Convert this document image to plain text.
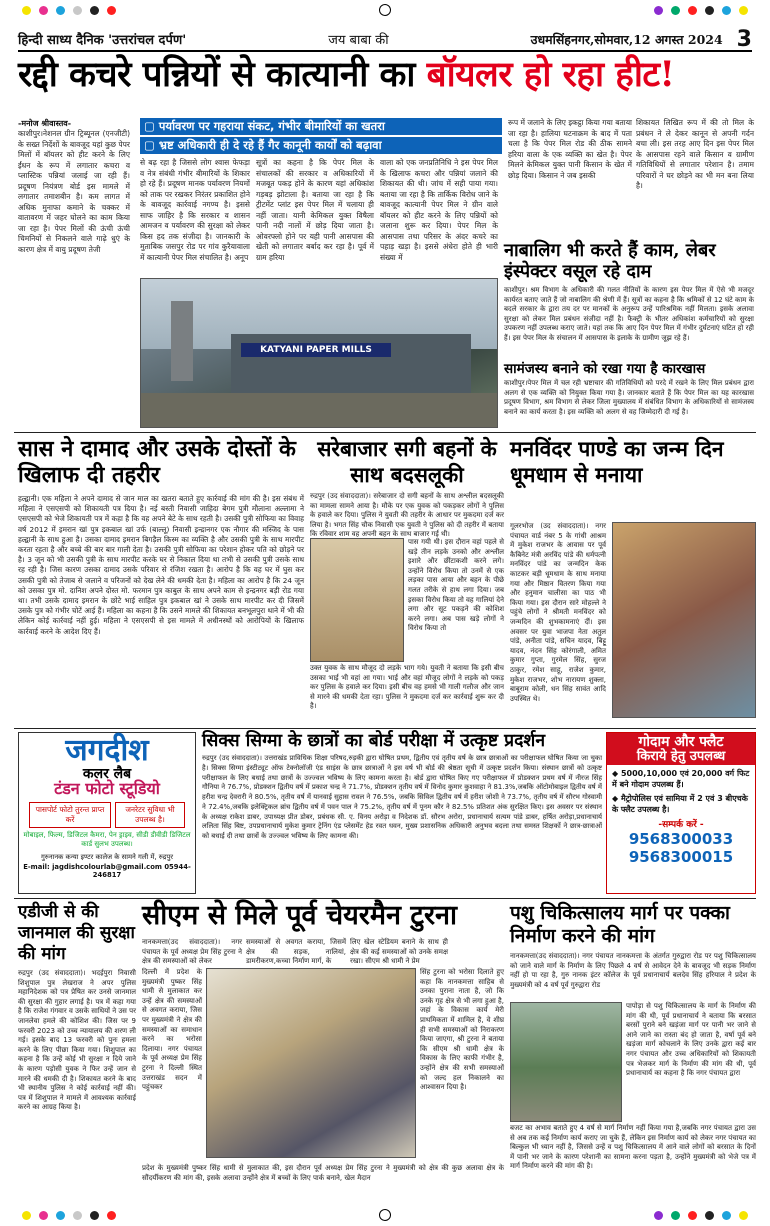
हिन्दी साध्य दैनिक 'उत्तरांचल दर्पण'	जय बाबा की	उधमसिंहनगर,सोमवार,12 अगस्त 2024 3
रद्दी कचरे पन्नियों से कात्यानी का बॉयलर हो रहा हीट!
-मनोज श्रीवास्तव-
काशीपुर।नेशनल ग्रीन ट्रिब्यूनल (एनजीटी) के सख्त निर्देशों के बावजूद यहां कुछ पेपर मिलों में बॉयलर को हीट करने के लिए ईंधन के रूप में लगातार कचरा व प्लास्टिक पन्नियां जलाई जा रही हैं। प्रदूषण नियंत्रण बोर्ड इस मामले में लगातार तमाशबीन है। कम लागत में अधिक मुनाफा कमाने के चक्कर में वातावरण में जहर घोलने का काम किया जा रहा है। पेपर मिलों की ऊंची ऊंची चिमनियों से निकलने वाले गाढ़े धुएं के कारण क्षेत्र में वायु प्रदूषण तेजी
▢ पर्यावरण पर गहराया संकट, गंभीर बीमारियों का खतरा
▢ भ्रष्ट अधिकारी ही दे रहे हैं गैर कानूनी कार्यों को बढ़ावा
से बढ़ रहा है जिससे लोग श्वास फेफड़ा व नेत्र संबंधी गंभीर बीमारियों के शिकार हो रहे हैं। प्रदूषण मानक पर्यावरण नियमों को ताक पर रखकर निरंतर प्रकाशित होने के बावजूद कार्रवाई नगण्य है। इससे साफ जाहिर है कि सरकार व शासन आमजन व पर्यावरण की सुरक्षा को लेकर किस हद तक संजीदा है। जानकारी के मुताबिक जसपुर रोड पर गांव कुरैयावाला में कात्यानी पेपर मिल संचालित है। अनूप
सूत्रों का कहना है कि पेपर मिल के संचालकों की सरकार व अधिकारियों में मजबूत पकड़ होने के कारण यहां अधिकांश गड़बड़ झोटाला है। बताया जा रहा है कि ट्रीटमेंट प्लांट इस पेपर मिल में चलाया ही नहीं जाता। यानी केमिकल युक्त विषैला पानी नदी नालों में छोड़ दिया जाता है। ओवरफ्लो होने पर यही पानी आसपास की खेती को लगातार बर्बाद कर रहा है। पूर्व में ग्राम हरिया
वाला को एक जनप्रतिनिधि ने इस पेपर मिल के खिलाफ कचरा और पन्नियां जलाने की शिकायत की थी। जांच में सही पाया गया। बताया जा रहा है कि तार्किक विरोध जाने के बावजूद कात्यानी पेपर मिल ने ग्रीन वाले बॉयलर को हीट करने के लिए पन्नियों को जलाना शुरू कर दिया। पेपर मिल के आसपास तथा परिसर के अंदर कचरे का पहाड़ खड़ा है। इससे अंधेरा होते ही भारी संख्या में
रूप में जलाने के लिए इकट्ठा किया गया बताया जा रहा है। हालिया घटनाक्रम के बाद में पता चला है कि पेपर मिल रोड की ठीक सामने हरिया वाला के एक व्यक्ति का खेत है। पेपर मिलने केमिकल युक्त पानी किसान के खेत में छोड़ दिया। किसान ने जब इसकी
शिकायत लिखित रूप में की तो मिल के प्रबंधन ने ले देकर कानून से अपनी गर्दन बचा ली। इस तरह आए दिन इस पेपर मिल के आसपास रहने वाले किसान व ग्रामीण गतिविधियों से लगातार परेशान है। तमाम परिवारों ने घर छोड़ने का भी मन बना लिया है।
KATYANI PAPER MILLS
नाबालिग भी करते हैं काम, लेबर इंस्पेक्टर वसूल रहे दाम
काशीपुर। श्रम विभाग के अधिकारी की गलत नीतियों के कारण इस पेपर मिल में ऐसे भी मजदूर कार्यरत बताए जाते हैं जो नाबालिग की श्रेणी में हैं। सूत्रों का कहना है कि श्रमिकों से 12 घंटे काम के बदले सरकार के द्वारा तय दर पर मानकों के अनुरूप उन्हें पारिश्रमिक नहीं मिलता। इसके अलावा सुरक्षा को लेकर मिल प्रबंधन संजीदा नहीं है। फैक्ट्री के भीतर अधिकांश कर्मचारियों को सुरक्षा उपकरण नहीं उपलब्ध कराए जाते। यहां तक कि आए दिन पेपर मिल में गंभीर दुर्घटनाएं घटित हो रही हैं। इस पेपर मिल के संचालन में आसपास के इलाके के ग्रामीण जूझ रहे हैं।
सामंजस्य बनाने को रखा गया है कारखास
काशीपुर।पेपर मिल में चल रही भ्रष्टाचार की गतिविधियों को परदे में रखने के लिए मिल प्रबंधन द्वारा अलग से एक व्यक्ति को नियुक्त किया गया है। जानकार बताते हैं कि पेपर मिल का यह कारखास प्रदूषण विभाग, श्रम विभाग से लेकर जिला मुख्यालय में संबंधित विभाग के अधिकारियों से सामंजस्य बनाने का कार्य करता है। इस व्यक्ति को अलग से वह जिम्मेदारी दी गई है।
सास ने दामाद और उसके दोस्तों के खिलाफ दी तहरीर
हल्द्वानी। एक महिला ने अपने दामाद से जान माल का खतरा बताते हुए कार्रवाई की मांग की है। इस संबंध में महिला ने एसएसपी को शिकायती पत्र दिया है। नई बस्ती निवासी जाहिदा बेगम पुत्री मौलाना अल्लामा ने एसएसपी को भेजे शिकायती पत्र में कहा है कि वह अपने बेटे के साथ रहती है। उसकी पुत्री सोफिया का विवाह वर्ष 2012 में इमरान खां पुत्र इकबाल खां उर्फ (बाल्लू) निवासी इन्द्रानगर एक नौगार की मस्जिद के पास हल्द्वानी के साथ हुआ है। उसका दामाद इमरान बिगड़ैल किस्म का व्यक्ति है और उसकी पुत्री के साथ मारपीट करता रहता है और बच्चे की बार बार गाली देता है। उसकी पुत्री सोफिया का परेशान होकर पति को छोड़ने पर है। 3 जून को भी उसकी पुत्री के साथ मारपीट करके घर से निकाल दिया था तभी से उसकी पुत्री उसके साथ रह रही है। जिस कारण उसका दामाद उसके परिवार से रंजिश रखता है। आरोप है कि वह घर में घुस कर उसकी पुत्री को तेजाब से जलाने व परिजनों को देख लेने की धमकी देता है। महिला का आरोप है कि 24 जून को उसका पुत्र मो. दानिश अपने दोस्त मो. फरमान पुत्र काबुल के साथ अपने काम से इन्द्रनगर बड़ी रोड गया था। तभी उसके दामाद इमरान के छोटे भाई साहिल पुत्र इकबाल खां ने उसके साथ मारपीट कर दी जिसमें उसके पुत्र को गंभीर चोटें आई हैं। महिला का कहना है कि उसने मामले की शिकायत बनभूलपुरा थाने में भी की लेकिन कोई कार्रवाई नहीं हुई। महिला ने एसएसपी से इस मामले में अधीनस्थों को आरोपियों के खिलाफ कार्रवाई करने के आदेश दिए हैं।
सरेबाजार सगी बहनों के साथ बदसलूकी
रुद्रपुर (उद संवाददाता)। सरेबाजार दो सगी बहनों के साथ अश्लील बदसलूकी का मामला सामने आया है। मौके पर एक युवक को पकड़कर लोगों ने पुलिस के हवाले कर दिया। पुलिस ने युवती की तहरीर के आधार पर मुकदमा दर्ज कर लिया है। भगत सिंह चौक निवासी एक युवती ने पुलिस को दी तहरीर में बताया कि रविवार शाम वह अपनी बहन के साथ बाजार गई थी।
पास गयी थी। इस दौरान वहां पहले से खड़े तीन लड़के उनको और अश्लील इशारे और छींटाकशी करने लगे। उन्होंने विरोध किया तो उनमें से एक लड़का पास आया और बहन के पीछे गलत तरीके से हाथ लगा दिया। जब इसका विरोध किया तो वह गालियां देने लगा और सूट पकड़ने की कोशिश करने लगा। अब पास खड़े लोगों ने विरोध किया तो
उक्त युवक के साथ मौजूद दो लड़के भाग गये। युवती ने बताया कि इसी बीच उसका भाई भी वहां आ गया। भाई और वहां मौजूद लोगों ने लड़के को पकड़ कर पुलिस के हवाले कर दिया। इसी बीच वह हमसे भी गाली गलौज और जान से मारने की धमकी देता रहा। पुलिस ने मुकदमा दर्ज कर कार्रवाई शुरू कर दी है।
मनविंदर पाण्डे का जन्म दिन धूमधाम से मनाया
गूलरभोज (उद संवाददाता)। नगर पंचायत वार्ड नंबर 5 के गांधी आश्रम में मुकेश राजभर के आवास पर पूर्व कैबिनेट मंत्री अरविंद पांडे की धर्मपत्नी मनविंदर पांडे का जन्मदिन केक काटकर बड़ी धूमधाम के साथ मनाया गया और मिष्ठान वितरण किया गया और हनुमान चालीसा का पाठ भी किया गया। इस दौरान सारे मोहल्ले ने पहुंचे लोगों ने श्रीमती मनविंदर को जन्मदिन की शुभकामनाएं दीं। इस अवसर पर युवा भाजपा नेता अतुल पांडे, अनीता पांडे, सचिन यादव, बिट्टू यादव, नंदन सिंह कोरंगाली, अमित कुमार गुप्ता, गुरमेल सिंह, सुरज ठाकुर, रमेश साहू, राजेश कुमार, मुकेश राजभर, शोभ नारायण शुक्ला, बाबूराम कोली, धन सिंह सावंत आदि उपस्थित थे।
जगदीश
कलर लैब
टंडन फोटो स्टूडियो
पासपोर्ट फोटो तुरन्त प्राप्त करें
जनरेटर सुविधा भी उपलब्ध है।
मोबाइल, फिल्म, डिजिटल कैमरा, पेन ड्राइव, सीडी डीवीडी डिजिटल कार्ड सुलभ उपलब्ध।
गुरुनानक कन्या इण्टर कालेज के सामने गली में, रुद्रपुर
E-mail: jagdishcolourlab@gmail.com 05944-246817
सिक्स सिग्मा के छात्रों का बोर्ड परीक्षा में उत्कृष्ट प्रदर्शन
रुद्रपुर (उद संवाददाता)। उत्तराखंड प्राविधिक शिक्षा परिषद,रुड़की द्वारा घोषित प्रथम, द्वितीय एवं तृतीय वर्ष के छात्र छात्राओं का परीक्षाफल घोषित किया जा चुका है। सिक्स सिग्मा इंस्टीट्यूट ऑफ टेक्नोलॉजी एंड साइंस के छात्र छात्राओं ने इस वर्ष भी बोर्ड की श्रेष्ठता सूची में उत्कृष्ट प्रदर्शन किया। संस्थान छात्रों को उत्कृष्ट परीक्षाफल के लिए बधाई तथा छात्रों के उज्ज्वल भविष्य के लिए कामना करता है। बोर्ड द्वारा घोषित किए गए परीक्षाफल में प्रोडक्शन प्रथम वर्ष में नीरज सिंह गौनिया ने 76.7%, प्रोडक्शन द्वितीय वर्ष में प्रकाश चन्द्र ने 71.7%, प्रोडक्शन तृतीय वर्ष में विनोद कुमार कुशवाहा ने 81.3%,जबकि ऑटोमोबाइल द्वितीय वर्ष में हरीश चन्द्र देवरारी ने 80.5%, तृतीय वर्ष में यानवाई सुहास रावल ने 76.5%, जबकि सिविल द्वितीय वर्ष में हरीश जोशी ने 73.7%, तृतीय वर्ष में सौरभ गोस्वामी ने 72.4%,जबकि इलेक्ट्रिकल ब्रांच द्वितीय वर्ष में पवन पाल ने 75.2%, तृतीय वर्ष में पूनम कौर ने 82.5% प्रतिशत अंक सुरक्षित किए। इस अवसर पर संस्थान के अध्यक्ष राकेश डाबर, उपाध्यक्ष प्रीत डोबर, प्रबंधक सी. ए. विनय अरोड़ा व निदेशक डॉ. सौरभ अरोरा, प्रधानाचार्य सत्यम पांडे डाबर, हर्षित अरोड़ा,प्रधानाचार्य ललिता सिंह बिष्ट, उपप्रधानाचार्य मुकेश कुमार ट्रेनिंग एंड प्लेसमेंट हेड रवत धवन, मुख्य प्रशासनिक अधिकारी अनुभव बदला तथा समस्त शिक्षकों ने छात्र-छात्राओं को बधाई दी तथा छात्रों के उज्ज्वल भविष्य के लिए कामना की।
गोदाम और फ्लैट
किराये हेतु उपलब्ध
◆ 5000,10,000 एवं 20,000 वर्ग फिट में बने गोदाम उपलब्ध हैं।
◆ मैट्रोपोलिस एवं सामिया में 2 एवं 3 बीएचके के फ्लैट उपलब्ध है।
-सम्पर्क करें -
9568300033
9568300015
एडीजी से की जानमाल की सुरक्षा की मांग
रुद्रपुर (उद संवाददाता)। भदईपुरा निवासी शिशुपाल पुत्र लेखराज ने अपर पुलिस महानिदेशक को पत्र प्रेषित कर उनसे जानमाल की सुरक्षा की गुहार लगाई है। पत्र में कहा गया है कि राजेश गंगवार व उसके साथियों ने उस पर जानलेवा हमले की कोशिश की। जिस पर 9 फरवरी 2023 को उच्च न्यायालय की शरण ली गई। इसके बाद 13 फरवरी को पुनः हमला करने के लिए पीछा किया गया। शिशुपाल का कहना है कि उन्हें कोई भी सुरक्षा न दिये जाने के कारण पड़ोसी युवक ने फिर उन्हें जान से मारने की धमकी दी है। शिकायत करने के बाद भी स्थानीय पुलिस ने कोई कार्रवाई नहीं की। पत्र में शिशुपाल ने मामले में आवश्यक कार्रवाई करने का आग्रह किया है।
सीएम से मिले पूर्व चेयरमैन टुरना
नानकमत्ता(उद संवाददाता)। नगर पंचायत के पूर्व अध्यक्ष प्रेम सिंह टुरना ने क्षेत्र की समस्याओं को लेकर
समस्याओं से अवगत कराया, जिसमें क्षेत्र की सड़क, नालियां, डामरीकरण,कच्चा निर्माण मार्ग, के
लिए खेल स्टेडियम बनाने के साथ ही क्षेत्र की कई समस्याओं को उनके समक्ष रखा। सीएम श्री धामी ने प्रेम
दिल्ली में प्रदेश के मुख्यमंत्री पुष्कर सिंह धामी से मुलाकात कर उन्हें क्षेत्र की समस्याओं से अवगत कराया, जिस पर मुख्यमंत्री ने क्षेत्र की समस्याओं का समाधान करने का भरोसा दिलाया। नगर पंचायत के पूर्व अध्यक्ष प्रेम सिंह टुरना ने दिल्ली स्थित उत्तराखंड सदन में पहुंचकर
सिंह टुरना को भरोसा दिलाते हुए कहा कि नानकमत्ता साहिब से उनका पुराना नाता है, जो कि उनके गृह क्षेत्र से भी लगा हुआ है, जहां के विकास कार्य मेरी प्राथमिकता में शामिल है, वे शीघ्र ही सभी समस्याओं को निराकरण किया जाएगा, श्री टुरना ने बताया कि सीएम श्री धामी क्षेत्र के विकास के लिए काफी गंभीर है, उन्होंने क्षेत्र की सभी समस्याओं को जल्द हल निकालने का आश्वासन दिया है।
प्रदेश के मुख्यमंत्री पुष्कर सिंह धामी से मुलाकात की, इस दौरान पूर्व अध्यक्ष प्रेम सिंह टुरना ने मुख्यमंत्री को क्षेत्र की कुछ अलावा क्षेत्र के सौंदर्यीकरण की मांग की, इसके अलावा उन्होंने क्षेत्र में बच्चों के लिए पार्क बनाने, खेल मैदान
पशु चिकित्सालय मार्ग पर पक्का निर्माण करने की मांग
नानकमत्ता(उद संवाददाता)। नगर पंचायत नानकमत्ता के अंतर्गत गुरुद्वारा रोड पर पशु चिकित्सालय को जाने वाले मार्ग के निर्माण के लिए पिछले 4 वर्ष से आवेदन देने के बावजूद भी सड़क निर्माण नहीं हो पा रहा है, गुरु नानक इंटर कॉलेज के पूर्व प्रधानाचार्य बलदेव सिंह हरियाल ने प्रदेश के मुख्यमंत्री को 4 वर्ष पूर्व गुरुद्वारा रोड
पापोड़ा से पशु चिकित्सालय के मार्ग के निर्माण की मांग की थी, पूर्व प्रधानाचार्य ने बताया कि बरसात बरसों पुराने बने खड़ंजा मार्ग पर पानी भर जाने से आने जाने का रास्ता बंद हो जाता है, वर्षा पूर्व बने खड़ंजा मार्ग कोचलाने के लिए उनके द्वारा कई बार नगर पंचायत और उच्च अधिकारियों को शिकायती पत्र भेजकर मार्ग के निर्माण की मांग की थी, पूर्व प्रधानाचार्य का कहना है कि नगर पंचायत द्वारा
बजट का अभाव बताते हुए 4 वर्ष से मार्ग निर्माण नहीं किया गया है,जबकि नगर पंचायत द्वारा उस से अब तक कई निर्माण कार्य कराए जा चुके हैं, लेकिन इस निर्माण कार्य को लेकर नगर पंचायत का बिल्कुल भी ध्यान नहीं है, जिससे उन्हें व पशु चिकित्सालय में आने वाले लोगों को बरसात के दिनों में पानी भर जाने के कारण परेशानी का सामना करना पड़ता है, उन्होंने मुख्यमंत्री को भेजे पत्र में मार्ग निर्माण करने की मांग की है।
